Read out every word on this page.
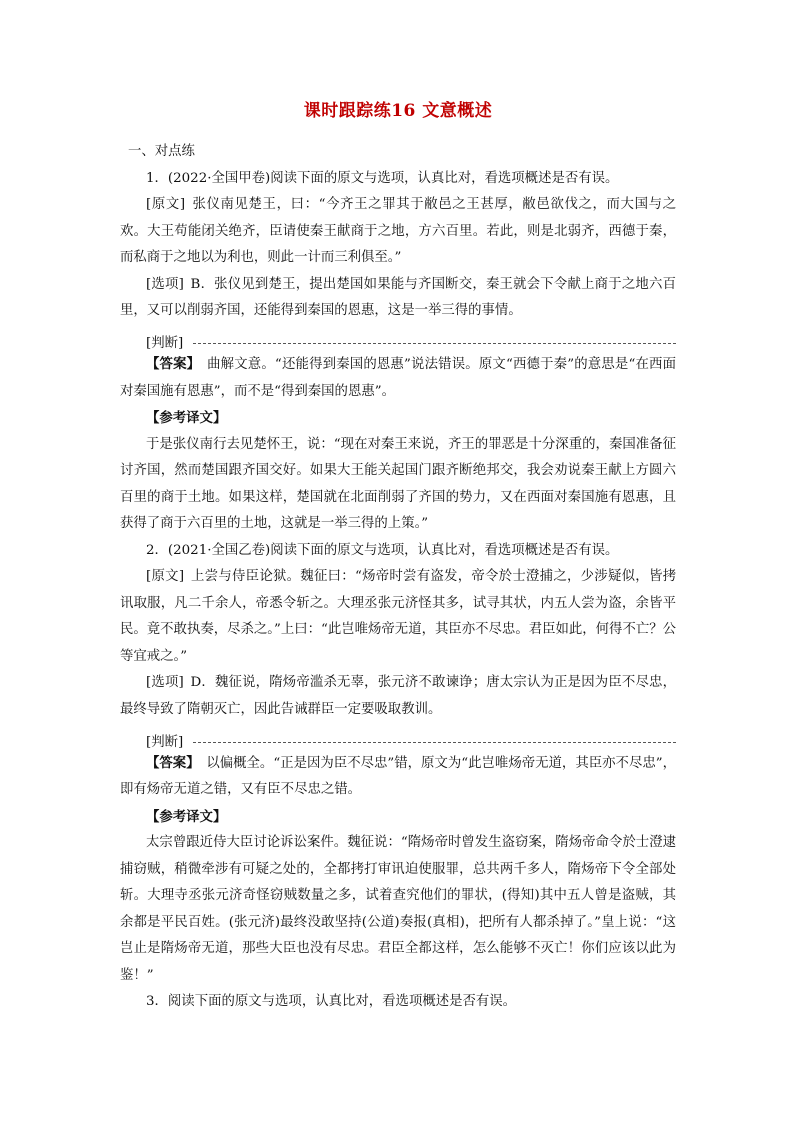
课时跟踪练16 文意概述

一、对点练

1．(2022·全国甲卷)阅读下面的原文与选项，认真比对，看选项概述是否有误。

[原文]  张仪南见楚王，曰：“今齐王之罪其于敝邑之王甚厚，敝邑欲伐之，而大国与之欢。大王苟能闭关绝齐，臣请使秦王献商于之地，方六百里。若此，则是北弱齐，西德于秦，而私商于之地以为利也，则此一计而三利俱至。”

[选项]  B．张仪见到楚王，提出楚国如果能与齐国断交，秦王就会下令献上商于之地六百里，又可以削弱齐国，还能得到秦国的恩惠，这是一举三得的事情。

[判断]

【答案】  曲解文意。“还能得到秦国的恩惠”说法错误。原文“西德于秦”的意思是“在西面对秦国施有恩惠”，而不是“得到秦国的恩惠”。

【参考译文】

于是张仪南行去见楚怀王，说：“现在对秦王来说，齐王的罪恶是十分深重的，秦国准备征讨齐国，然而楚国跟齐国交好。如果大王能关起国门跟齐断绝邦交，我会劝说秦王献上方圆六百里的商于土地。如果这样，楚国就在北面削弱了齐国的势力，又在西面对秦国施有恩惠，且获得了商于六百里的土地，这就是一举三得的上策。”

2．(2021·全国乙卷)阅读下面的原文与选项，认真比对，看选项概述是否有误。

[原文]  上尝与侍臣论狱。魏征曰：“炀帝时尝有盗发，帝令於士澄捕之，少涉疑似，皆拷讯取服，凡二千余人，帝悉令斩之。大理丞张元济怪其多，试寻其状，内五人尝为盗，余皆平民。竟不敢执奏，尽杀之。”上曰：“此岂唯炀帝无道，其臣亦不尽忠。君臣如此，何得不亡？公等宜戒之。”

[选项]  D．魏征说，隋炀帝滥杀无辜，张元济不敢谏诤；唐太宗认为正是因为臣不尽忠，最终导致了隋朝灭亡，因此告诫群臣一定要吸取教训。

[判断]

【答案】  以偏概全。“正是因为臣不尽忠”错，原文为“此岂唯炀帝无道，其臣亦不尽忠”，即有炀帝无道之错，又有臣不尽忠之错。

【参考译文】

太宗曾跟近侍大臣讨论诉讼案件。魏征说：“隋炀帝时曾发生盗窃案，隋炀帝命令於士澄逮捕窃贼，稍微牵涉有可疑之处的，全都拷打审讯迫使服罪，总共两千多人，隋炀帝下令全部处斩。大理寺丞张元济奇怪窃贼数量之多，试着查究他们的罪状，(得知)其中五人曾是盗贼，其余都是平民百姓。(张元济)最终没敢坚持(公道)奏报(真相)，把所有人都杀掉了。”皇上说：“这岂止是隋炀帝无道，那些大臣也没有尽忠。君臣全都这样，怎么能够不灭亡！你们应该以此为鉴！”

3．阅读下面的原文与选项，认真比对，看选项概述是否有误。
